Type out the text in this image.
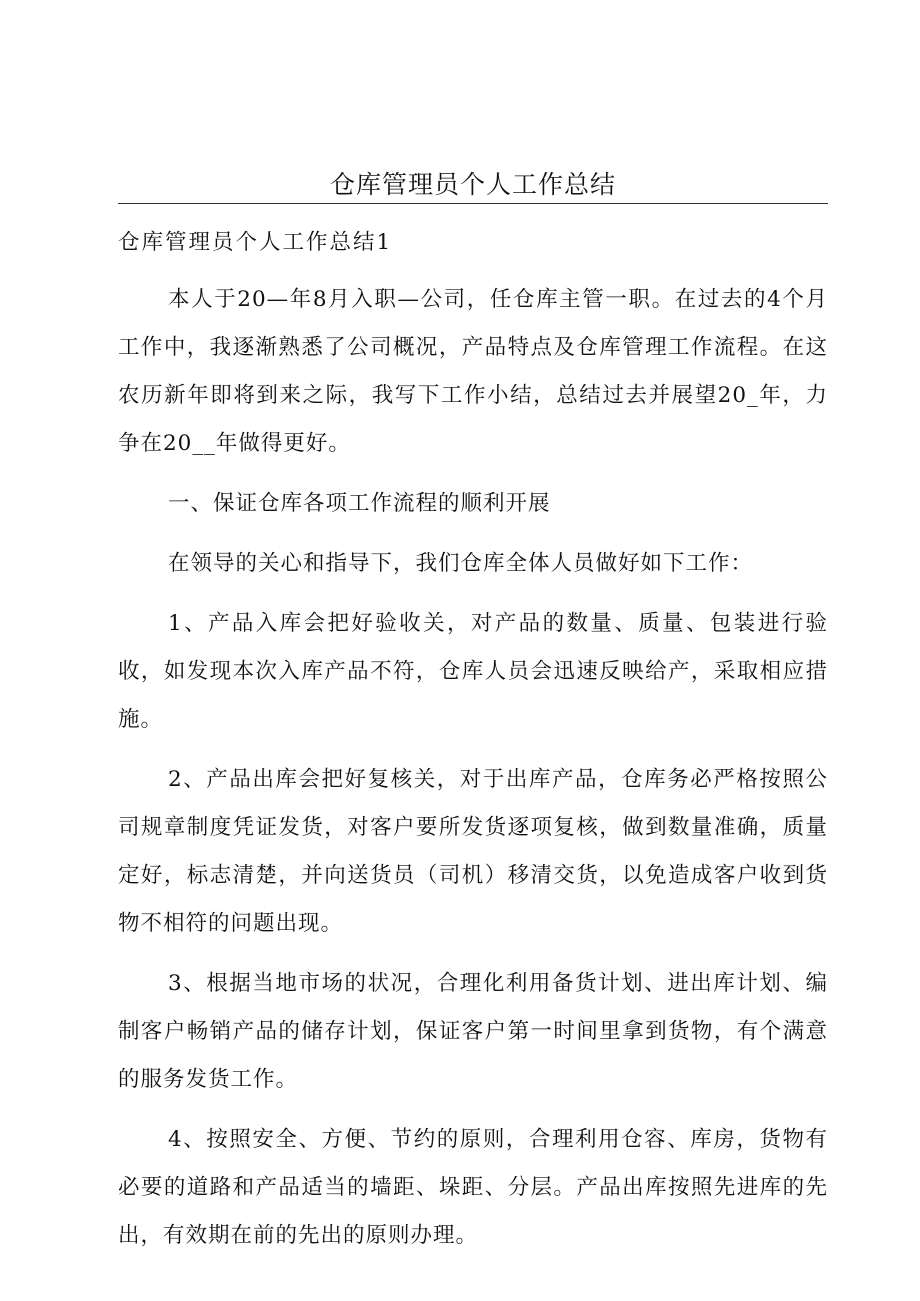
仓库管理员个人工作总结
仓库管理员个人工作总结1

本人于20—年8月入职—公司，任仓库主管一职。在过去的4个月工作中，我逐渐熟悉了公司概况，产品特点及仓库管理工作流程。在这农历新年即将到来之际，我写下工作小结，总结过去并展望20_年，力争在20__年做得更好。

一、保证仓库各项工作流程的顺利开展

在领导的关心和指导下，我们仓库全体人员做好如下工作：

1、产品入库会把好验收关，对产品的数量、质量、包装进行验收，如发现本次入库产品不符，仓库人员会迅速反映给产，采取相应措施。

2、产品出库会把好复核关，对于出库产品，仓库务必严格按照公司规章制度凭证发货，对客户要所发货逐项复核，做到数量准确，质量定好，标志清楚，并向送货员（司机）移清交货，以免造成客户收到货物不相符的问题出现。

3、根据当地市场的状况，合理化利用备货计划、进出库计划、编制客户畅销产品的储存计划，保证客户第一时间里拿到货物，有个满意的服务发货工作。

4、按照安全、方便、节约的原则，合理利用仓容、库房，货物有必要的道路和产品适当的墙距、垛距、分层。产品出库按照先进库的先出，有效期在前的先出的原则办理。
